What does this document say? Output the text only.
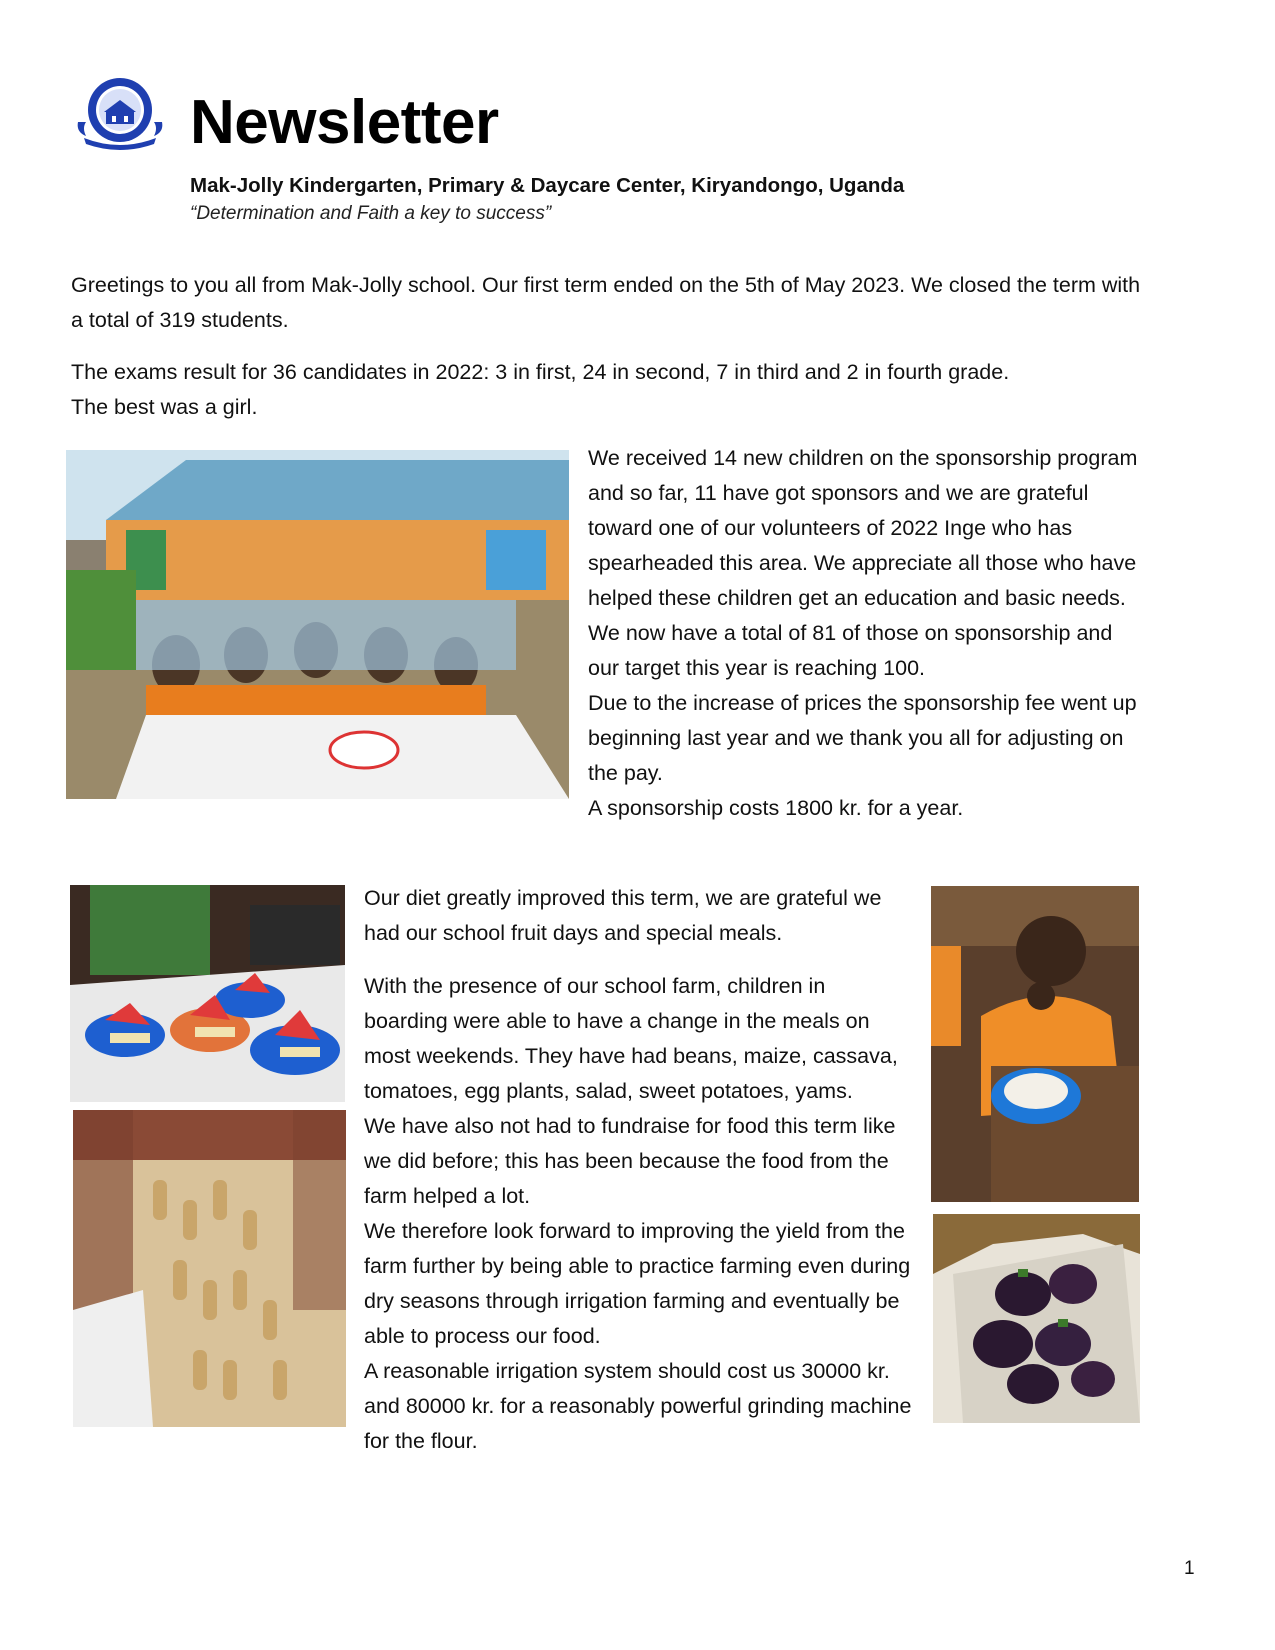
Newsletter
Mak-Jolly Kindergarten, Primary & Daycare Center, Kiryandongo, Uganda
“Determination and Faith a key to success”

Greetings to you all from Mak-Jolly school. Our first term ended on the 5th of May 2023. We closed the term with a total of 319 students.

The exams result for 36 candidates in 2022: 3 in first, 24 in second, 7 in third and 2 in fourth grade.

The best was a girl.

We received 14 new children on the sponsorship program and so far, 11 have got sponsors and we are grateful toward one of our volunteers of 2022 Inge who has spearheaded this area. We appreciate all those who have helped these children get an education and basic needs. We now have a total of 81 of those on sponsorship and our target this year is reaching 100.

Due to the increase of prices the sponsorship fee went up beginning last year and we thank you all for adjusting on the pay.

A sponsorship costs 1800 kr. for a year.

Our diet greatly improved this term, we are grateful we had our school fruit days and special meals.

With the presence of our school farm, children in boarding were able to have a change in the meals on most weekends. They have had beans, maize, cassava, tomatoes, egg plants, salad, sweet potatoes, yams.

We have also not had to fundraise for food this term like we did before; this has been because the food from the farm helped a lot.

We therefore look forward to improving the yield from the farm further by being able to practice farming even during dry seasons through irrigation farming and eventually be able to process our food.

A reasonable irrigation system should cost us 30000 kr. and 80000 kr. for a reasonably powerful grinding machine for the flour.

1
